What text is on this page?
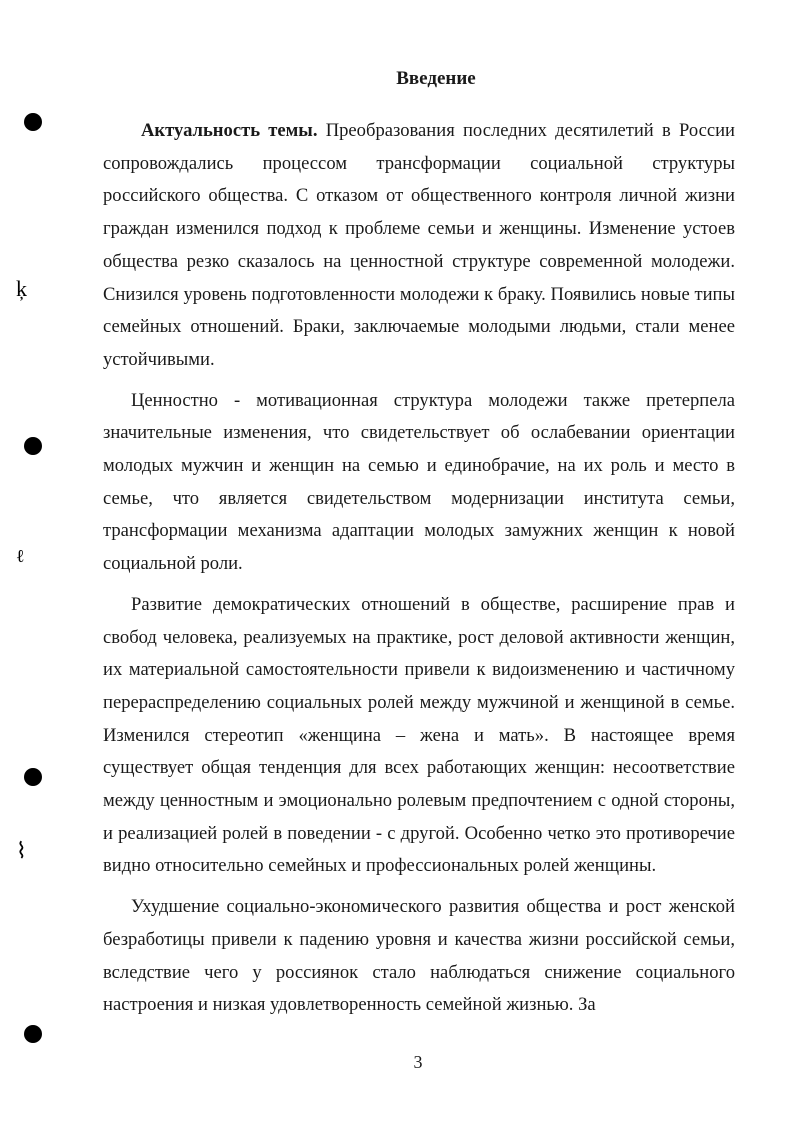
ķ
ℓ
⌇
Введение

Актуальность темы. Преобразования последних десятилетий в России сопровождались процессом трансформации социальной структуры российского общества. С отказом от общественного контроля личной жизни граждан изменился подход к проблеме семьи и женщины. Изменение устоев общества резко сказалось на ценностной структуре современной молодежи. Снизился уровень подготовленности молодежи к браку. Появились новые типы семейных отношений. Браки, заключаемые молодыми людьми, стали менее устойчивыми.

Ценностно - мотивационная структура молодежи также претерпела значительные изменения, что свидетельствует об ослабевании ориентации молодых мужчин и женщин на семью и единобрачие, на их роль и место в семье, что является свидетельством модернизации института семьи, трансформации механизма адаптации молодых замужних женщин к новой социальной роли.

Развитие демократических отношений в обществе, расширение прав и свобод человека, реализуемых на практике, рост деловой активности женщин, их материальной самостоятельности привели к видоизменению и частичному перераспределению социальных ролей между мужчиной и женщиной в семье. Изменился стереотип «женщина – жена и мать». В настоящее время существует общая тенденция для всех работающих женщин: несоответствие между ценностным и эмоционально ролевым предпочтением с одной стороны, и реализацией ролей в поведении - с другой. Особенно четко это противоречие видно относительно семейных и профессиональных ролей женщины.

Ухудшение социально-экономического развития общества и рост женской безработицы привели к падению уровня и качества жизни российской семьи, вследствие чего у россиянок стало наблюдаться снижение социального настроения и низкая удовлетворенность семейной жизнью. За

3
